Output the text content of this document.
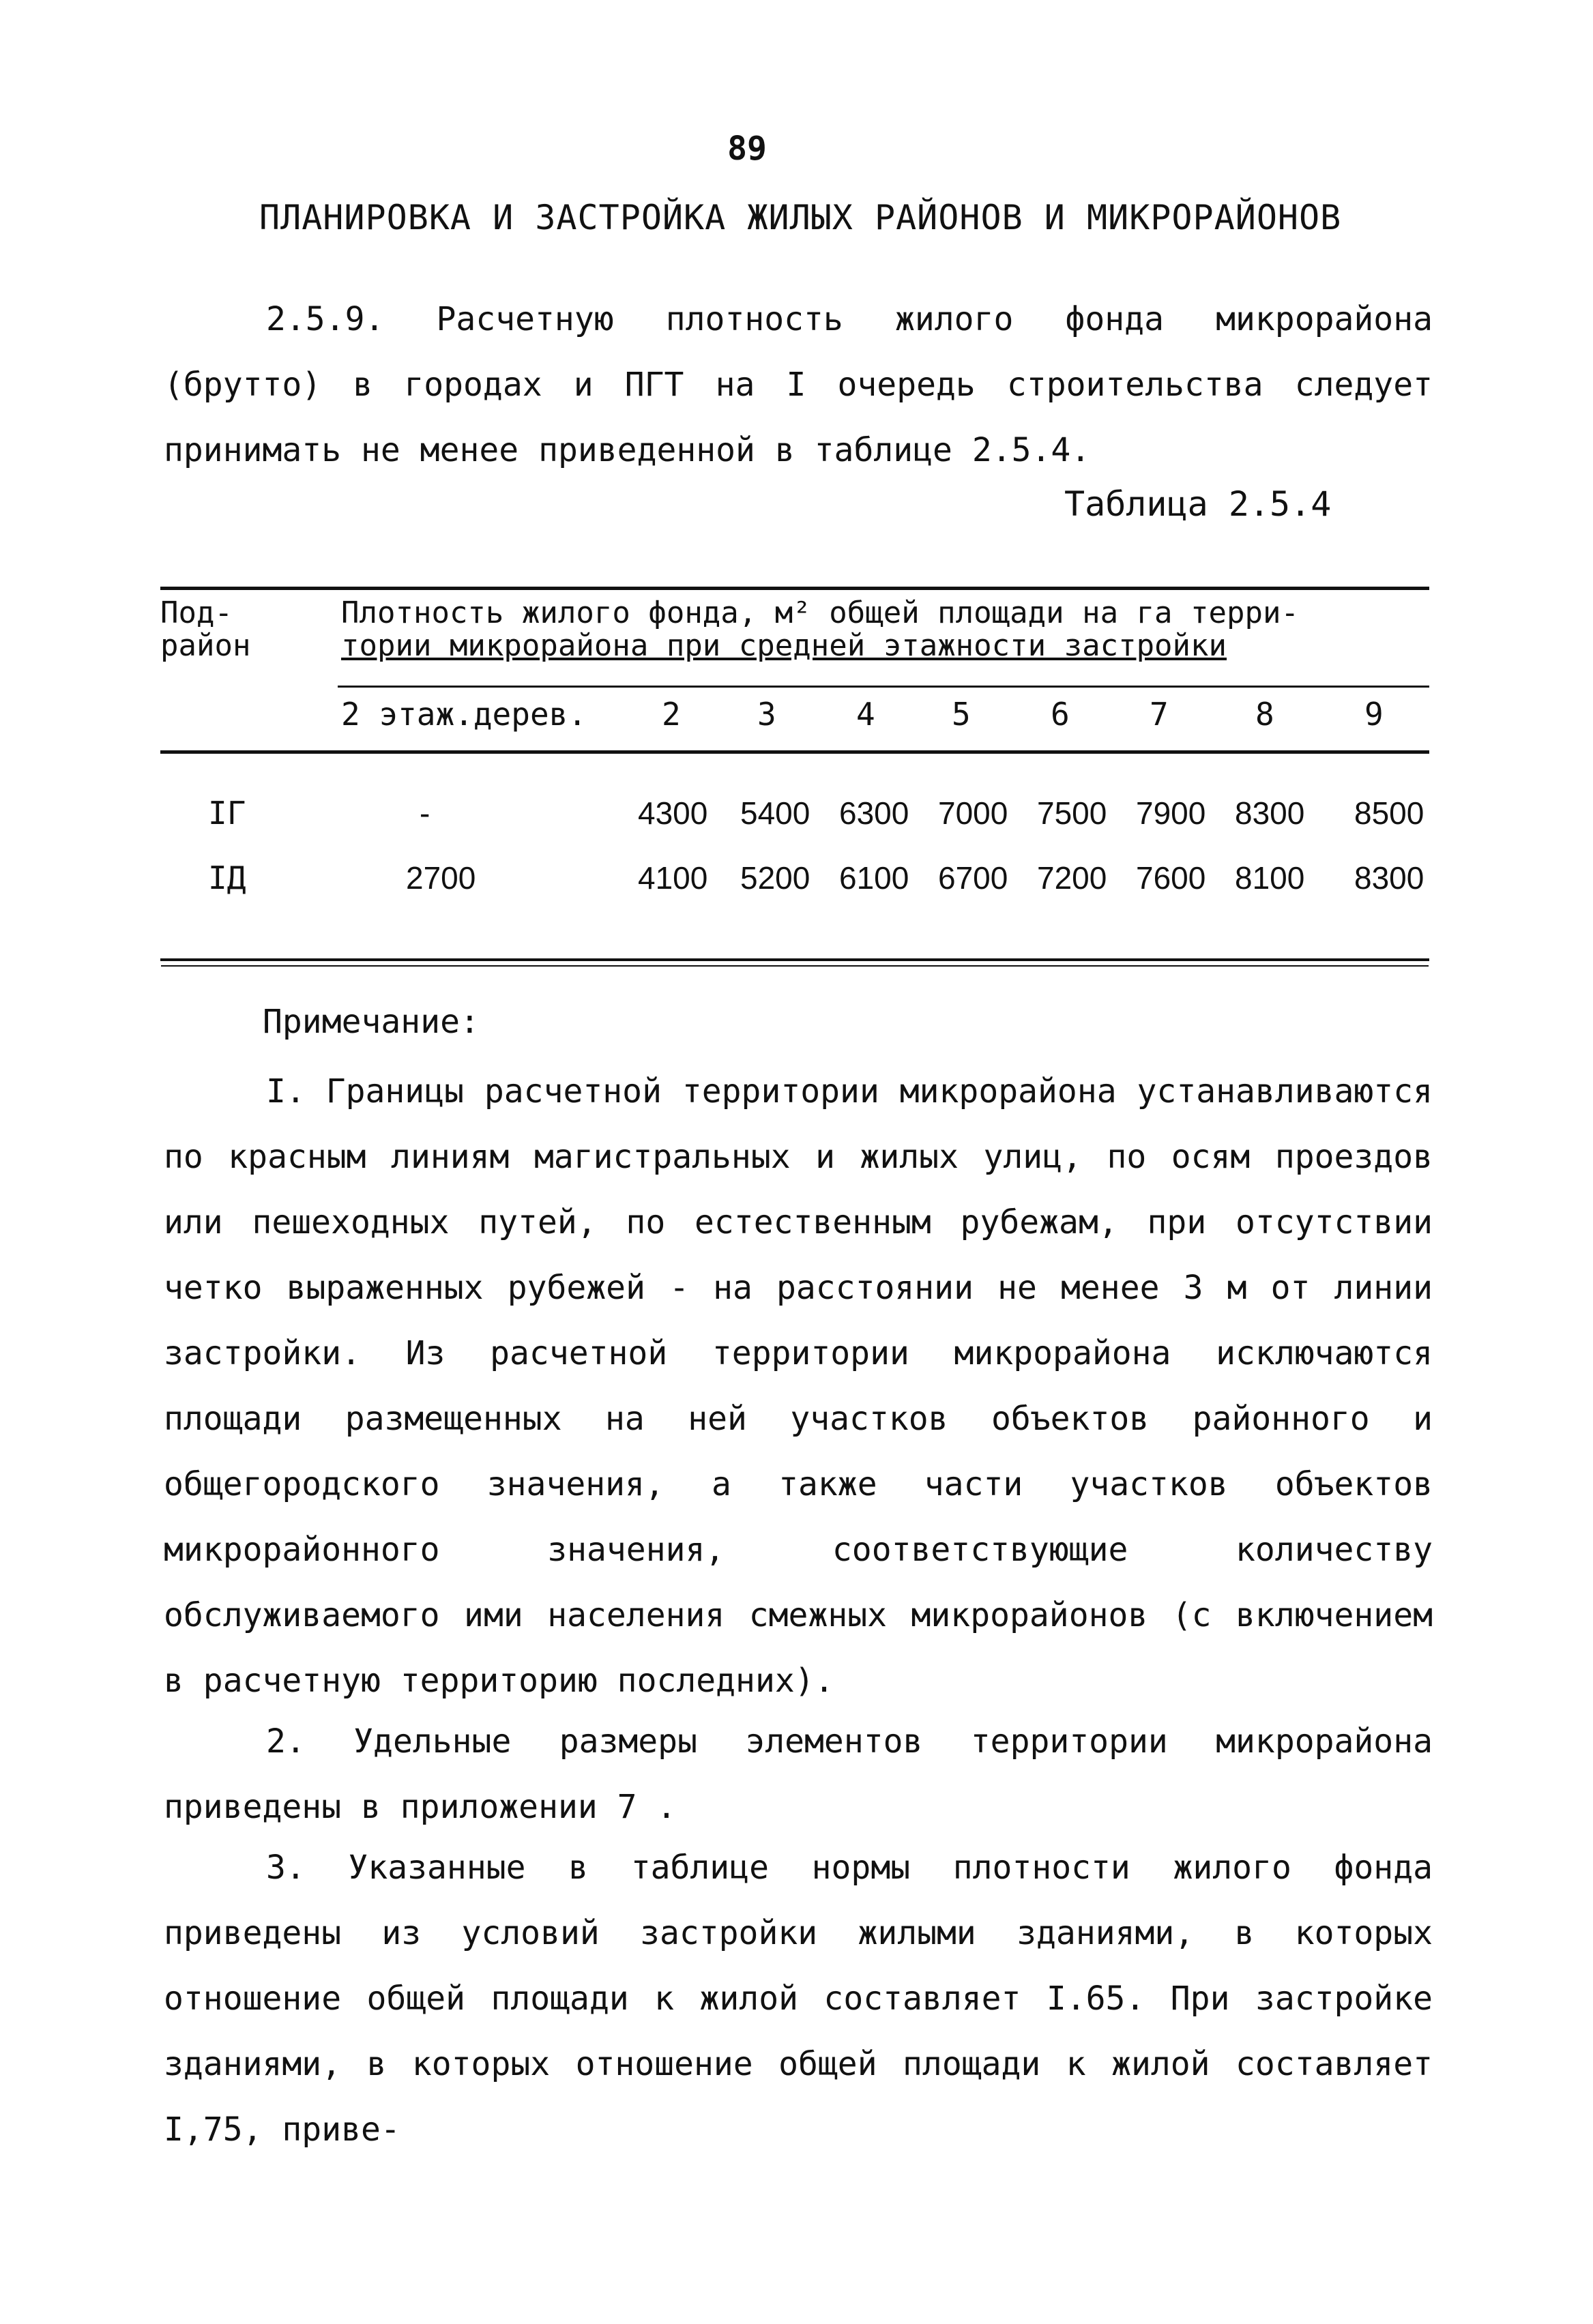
89
ПЛАНИРОВКА И ЗАСТРОЙКА ЖИЛЫХ РАЙОНОВ И МИКРОРАЙОНОВ
2.5.9. Расчетную плотность жилого фонда микрорайона (брутто) в городах и ПГТ на I очередь строительства следует принимать не менее приведенной в таблице 2.5.4.
Таблица 2.5.4
Под-
район
Плотность жилого фонда, м² общей площади на га терри-
тории микрорайона при средней этажности застройки
2 этаж.дерев. 2 3	4 5	6	7	8	9
IГ	-	4300 5400 6300 7000 7500 7900 8300 8500
IД	2700	4100 5200 6100 6700 7200 7600 8100 8300
Примечание:
I. Границы расчетной территории микрорайона устанавливаются по красным линиям магистральных и жилых улиц, по осям проездов или пешеходных путей, по естественным рубежам, при отсутствии четко выраженных рубежей - на расстоянии не менее 3 м от линии застройки. Из расчетной территории микрорайона исключаются площади размещенных на ней участков объектов районного и общегородского значения, а также части участков объектов микрорайонного значения, соответствующие количеству обслуживаемого ими населения смежных микрорайонов (с включением в расчетную территорию последних).
2. Удельные размеры элементов территории микрорайона приведены в приложении 7 .
3. Указанные в таблице нормы плотности жилого фонда приведены из условий застройки жилыми зданиями, в которых отношение общей площади к жилой составляет I.65. При застройке зданиями, в которых отношение общей площади к жилой составляет I,75, приве-
